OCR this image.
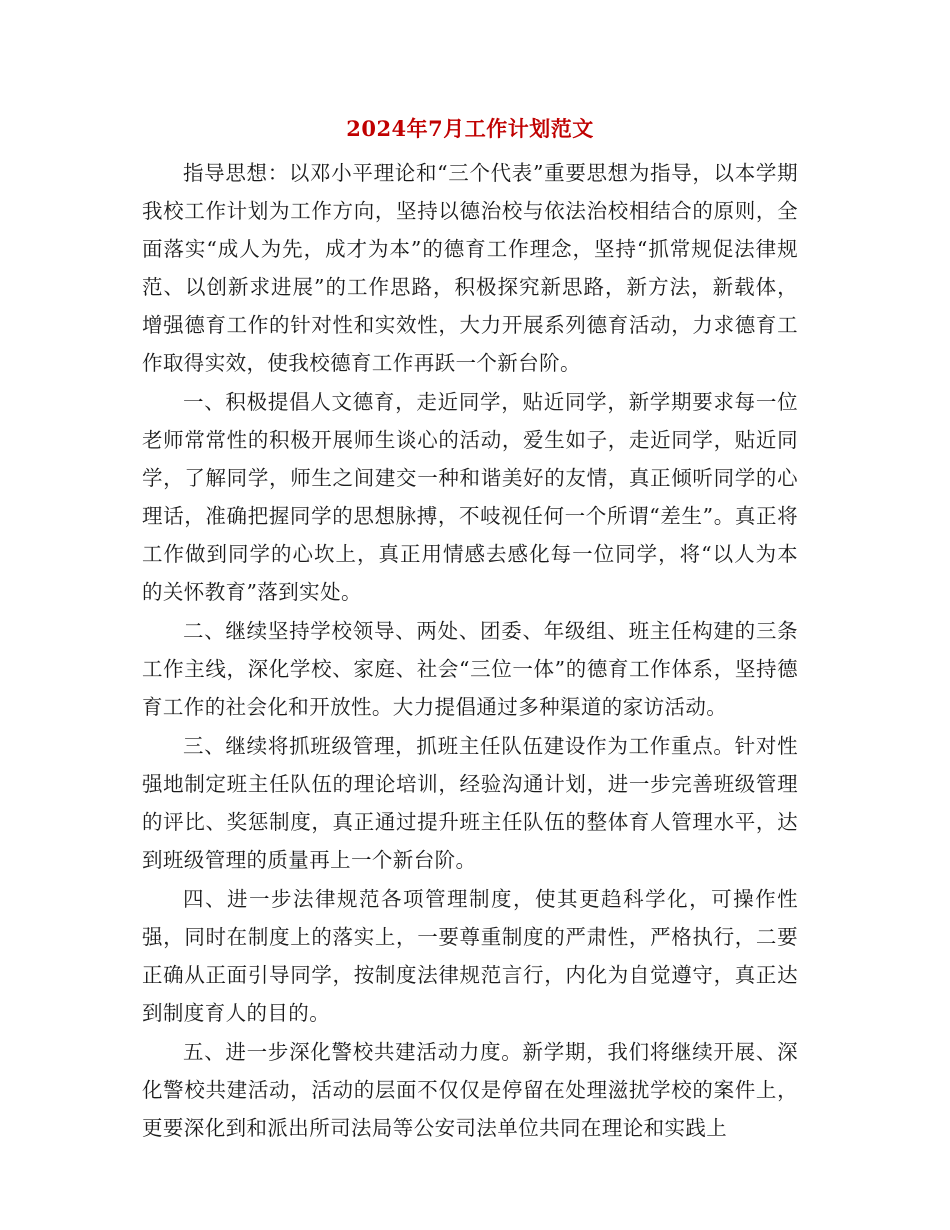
2024年7月工作计划范文

指导思想：以邓小平理论和“三个代表”重要思想为指导，以本学期我校工作计划为工作方向，坚持以德治校与依法治校相结合的原则，全面落实“成人为先，成才为本”的德育工作理念，坚持“抓常规促法律规范、以创新求进展”的工作思路，积极探究新思路，新方法，新载体，增强德育工作的针对性和实效性，大力开展系列德育活动，力求德育工作取得实效，使我校德育工作再跃一个新台阶。

一、积极提倡人文德育，走近同学，贴近同学，新学期要求每一位老师常常性的积极开展师生谈心的活动，爱生如子，走近同学，贴近同学，了解同学，师生之间建交一种和谐美好的友情，真正倾听同学的心理话，准确把握同学的思想脉搏，不岐视任何一个所谓“差生”。真正将工作做到同学的心坎上，真正用情感去感化每一位同学，将“以人为本的关怀教育”落到实处。

二、继续坚持学校领导、两处、团委、年级组、班主任构建的三条工作主线，深化学校、家庭、社会“三位一体”的德育工作体系，坚持德育工作的社会化和开放性。大力提倡通过多种渠道的家访活动。

三、继续将抓班级管理，抓班主任队伍建设作为工作重点。针对性强地制定班主任队伍的理论培训，经验沟通计划，进一步完善班级管理的评比、奖惩制度，真正通过提升班主任队伍的整体育人管理水平，达到班级管理的质量再上一个新台阶。

四、进一步法律规范各项管理制度，使其更趋科学化，可操作性强，同时在制度上的落实上，一要尊重制度的严肃性，严格执行，二要正确从正面引导同学，按制度法律规范言行，内化为自觉遵守，真正达到制度育人的目的。

五、进一步深化警校共建活动力度。新学期，我们将继续开展、深化警校共建活动，活动的层面不仅仅是停留在处理滋扰学校的案件上，更要深化到和派出所司法局等公安司法单位共同在理论和实践上
